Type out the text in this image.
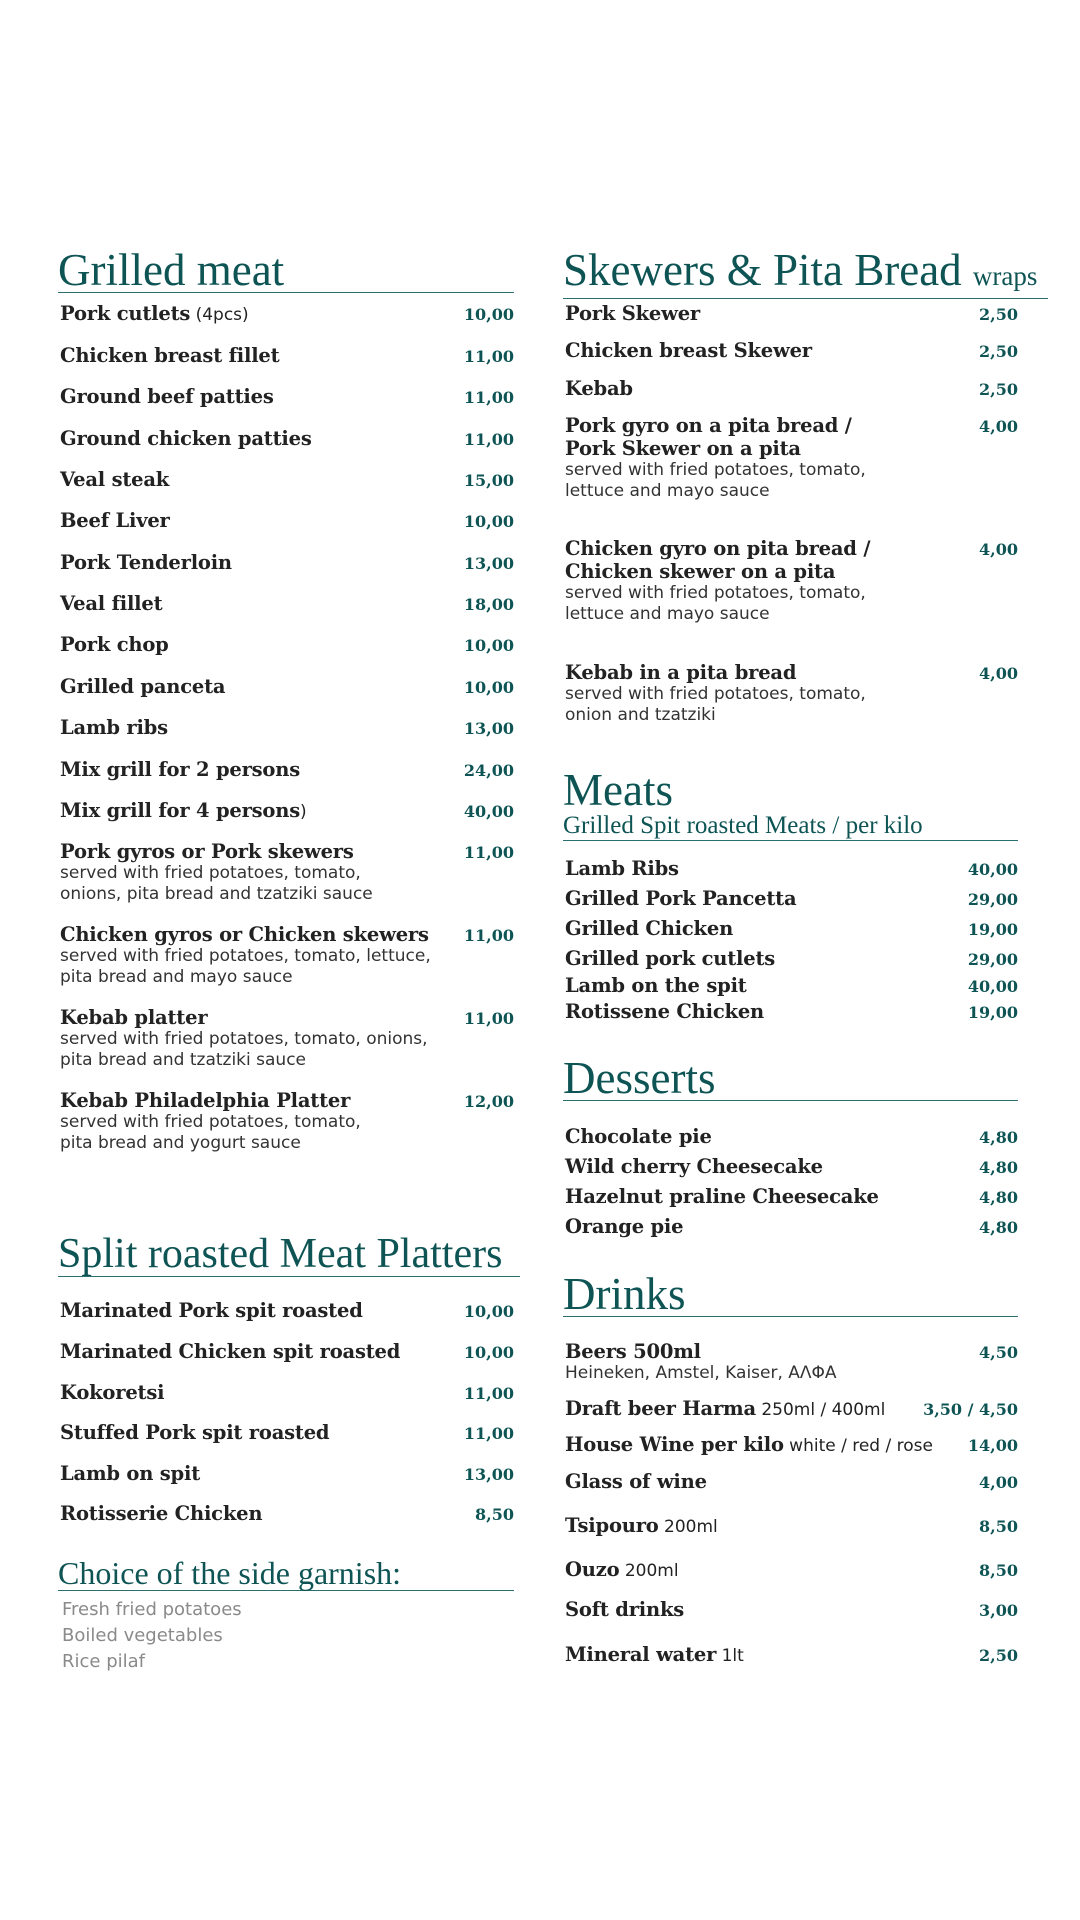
Grilled meat
Pork cutlets (4pcs)	10,00
Chicken breast fillet	11,00
Ground beef patties	11,00
Ground chicken patties	11,00
Veal steak	15,00
Beef Liver	10,00
Pork Tenderloin	13,00
Veal fillet	18,00
Pork chop	10,00
Grilled panceta	10,00
Lamb ribs	13,00
Mix grill for 2 persons	24,00
Mix grill for 4 persons)	40,00
Pork gyros or Pork skewers	11,00
served with fried potatoes, tomato,
onions, pita bread and tzatziki sauce
Chicken gyros or Chicken skewers 11,00
served with fried potatoes, tomato, lettuce,
pita bread and mayo sauce
Kebab platter	11,00
served with fried potatoes, tomato, onions,
pita bread and tzatziki sauce
Kebab Philadelphia Platter	12,00
served with fried potatoes, tomato,
pita bread and yogurt sauce
Split roasted Meat Platters
Marinated Pork spit roasted	10,00
Marinated Chicken spit roasted	10,00
Kokoretsi	11,00
Stuffed Pork spit roasted	11,00
Lamb on spit	13,00
Rotisserie Chicken	8,50
Choice of the side garnish:
Fresh fried potatoes
Boiled vegetables
Rice pilaf
Skewers & Pita Bread wraps
Pork Skewer	2,50
Chicken breast Skewer	2,50
Kebab	2,50
Pork gyro on a pita bread /	4,00
Pork Skewer on a pita
served with fried potatoes, tomato,
lettuce and mayo sauce
Chicken gyro on pita bread /	4,00
Chicken skewer on a pita
served with fried potatoes, tomato,
lettuce and mayo sauce
Kebab in a pita bread	4,00
served with fried potatoes, tomato,
onion and tzatziki
Meats
Grilled Spit roasted Meats / per kilo
Lamb Ribs	40,00
Grilled Pork Pancetta	29,00
Grilled Chicken	19,00
Grilled pork cutlets	29,00
Lamb on the spit	40,00
Rotissene Chicken	19,00
Desserts
Chocolate pie	4,80
Wild cherry Cheesecake	4,80
Hazelnut praline Cheesecake	4,80
Orange pie	4,80
Drinks
Beers 500ml	4,50
Heineken, Amstel, Kaiser, ΑΛΦΑ
Draft beer Harma 250ml / 400ml 3,50 / 4,50
House Wine per kilo white / red / rose 14,00
Glass of wine	4,00
Tsipouro 200ml	8,50
Ouzo 200ml	8,50
Soft drinks	3,00
Mineral water 1lt	2,50
